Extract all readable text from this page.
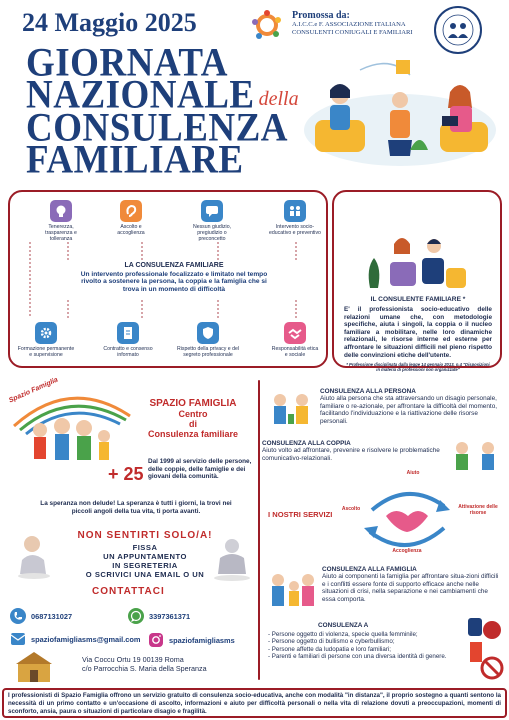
24 Maggio 2025	Promossa da:
A.I.C.C.e F. ASSOCIAZIONE ITALIANA
CONSULENTI CONIUGALI E FAMILIARI
GIORNATA
NAZIONALE della
CONSULENZA
FAMILIARE
Tenerezza, trasparenza e tolleranza
Ascolto e accoglienza
Nessun giudizio, pregiudizio o preconcetto
Intervento socio-educativo e preventivo
LA CONSULENZA FAMILIARE
Un intervento professionale focalizzato e limitato nel tempo rivolto a sostenere la persona, la coppia e la famiglia che si trova in un momento di difficoltà
Formazione permanente e supervisione
Contratto e consenso informato
Rispetto della privacy e del segreto professionale
Responsabilità etica e sociale
IL CONSULENTE FAMILIARE *
E' il professionista socio-educativo delle relazioni umane che, con metodologie specifiche, aiuta i singoli, la coppia o il nucleo familiare a mobilitare, nelle loro dinamiche relazionali, le risorse interne ed esterne per affrontare le situazioni difficili nel pieno rispetto delle convinzioni etiche dell'utente.
* Professione disciplinata dalla legge 14 gennaio 2013, n.4 "Disposizioni in materia di professioni non organizzate"
Spazio Famiglia	SPAZIO FAMIGLIA
Centro
di
Consulenza familiare
+ 25
Dal 1999 al servizio delle persone, delle coppie, delle famiglie e dei giovani della comunità.
La speranza non delude! La speranza è tutti i giorni, la trovi nei piccoli angoli della tua vita, ti porta avanti.
NON SENTIRTI SOLO/A!
FISSA
UN APPUNTAMENTO
IN SEGRETERIA
O SCRIVICI UNA EMAIL O UN
CONTATTACI
0687131027	3397361371
spaziofamigliasms@gmail.com	spaziofamigliasms
Via Coccu Ortu 19 00139 Roma
c/o Parrocchia S. Maria della Speranza
CONSULENZA ALLA PERSONA
Aiuto alla persona che sta attraversando un disagio personale, familiare o re-azionale, per affrontare la difficoltà del momento, facilitando l'individuazione e la riattivazione delle risorse personali.
CONSULENZA ALLA COPPIA
Aiuto volto ad affrontare, prevenire e risolvere le problematiche comunicativo-relazionali.
I NOSTRI SERVIZI
Aiuto
Attivazione delle risorse
Accoglienza
Ascolto
CONSULENZA ALLA FAMIGLIA
Aiuto ai componenti la famiglia per affrontare situa-zioni difficili e i conflitti essere fonte di supporto efficace anche nelle situazioni di crisi, nella separazione e nei cambiamenti che essa comporta.
CONSULENZA A
- Persone oggetto di violenza, specie quella femminile;
- Persone oggetto di bullismo e cyberbullismo;
- Persone affette da ludopatia e loro familiari;
- Parenti e familiari di persone con una diversa identità di genere.
I professionisti di Spazio Famiglia offrono un servizio gratuito di consulenza socio-educativa, anche con modalità "in distanza", il proprio sostegno a quanti sentono la necessità di un primo contatto e un'occasione di ascolto, informazioni e aiuto per difficoltà personali o nella vita di relazione dovuti a preoccupazioni, momenti di sconforto, ansia, paura o situazioni di particolare disagio e fragilità.
